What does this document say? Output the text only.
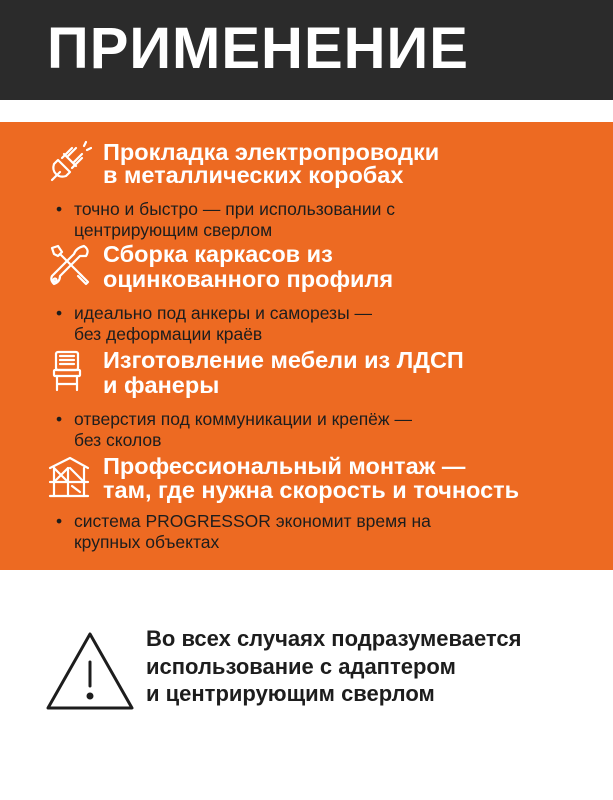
ПРИМЕНЕНИЕ
Прокладка электропроводки
в металлических коробах
• точно и быстро — при использовании с
центрирующим сверлом
Сборка каркасов из
оцинкованного профиля
• идеально под анкеры и саморезы —
без деформации краёв
Изготовление мебели из ЛДСП
и фанеры
• отверстия под коммуникации и крепёж —
без сколов
Профессиональный монтаж —
там, где нужна скорость и точность
• система PROGRESSOR экономит время на
крупных объектах
Во всех случаях подразумевается
использование с адаптером
и центрирующим сверлом
